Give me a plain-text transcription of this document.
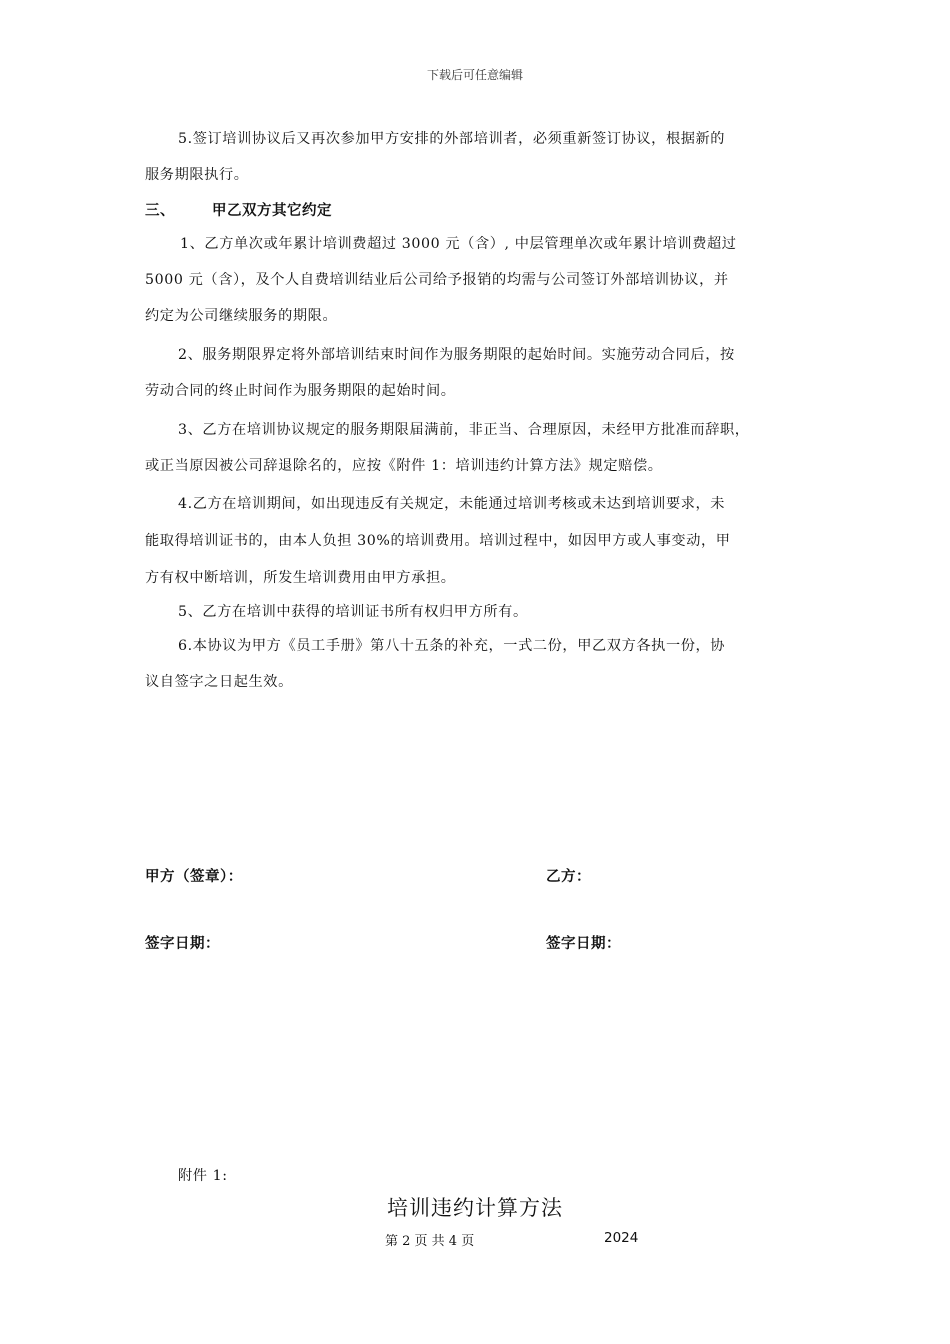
下载后可任意编辑
5.签订培训协议后又再次参加甲方安排的外部培训者，必须重新签订协议，根据新的
服务期限执行。
三、	甲乙双方其它约定
1、乙方单次或年累计培训费超过 3000 元（含）, 中层管理单次或年累计培训费超过
5000 元（含），及个人自费培训结业后公司给予报销的均需与公司签订外部培训协议，并
约定为公司继续服务的期限。
2、服务期限界定将外部培训结束时间作为服务期限的起始时间。实施劳动合同后，按
劳动合同的终止时间作为服务期限的起始时间。
3、乙方在培训协议规定的服务期限届满前，非正当、合理原因，未经甲方批准而辞职，
或正当原因被公司辞退除名的，应按《附件 1：培训违约计算方法》规定赔偿。
4.乙方在培训期间，如出现违反有关规定，未能通过培训考核或未达到培训要求，未
能取得培训证书的，由本人负担 30%的培训费用。培训过程中，如因甲方或人事变动，甲
方有权中断培训，所发生培训费用由甲方承担。
5、乙方在培训中获得的培训证书所有权归甲方所有。
6.本协议为甲方《员工手册》第八十五条的补充，一式二份，甲乙双方各执一份，协
议自签字之日起生效。
甲方（签章）：	乙方：
签字日期：	签字日期：
附件 1:
培训违约计算方法
第 2 页 共 4 页	2024
